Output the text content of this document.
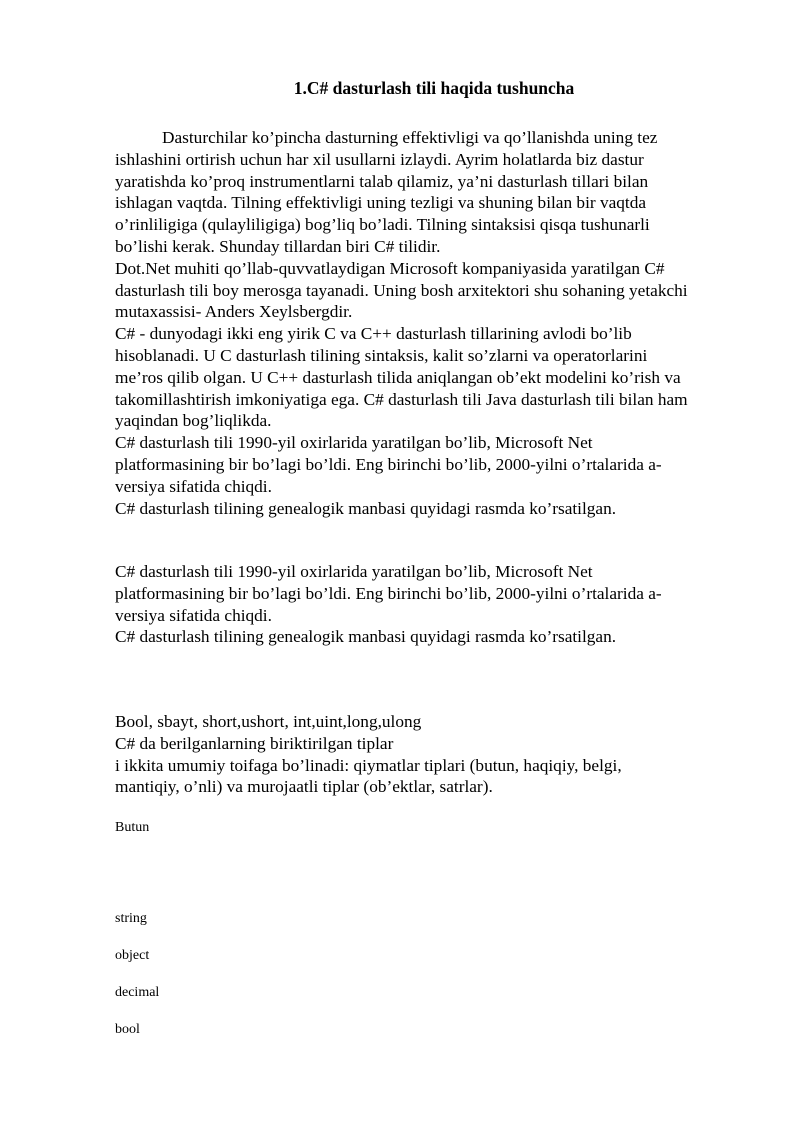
1.C# dasturlash tili haqida tushuncha
Dasturchilar ko’pincha dasturning effektivligi va qo’llanishda uning tez
ishlashini ortirish uchun har xil usullarni izlaydi. Ayrim holatlarda biz dastur
yaratishda ko’proq instrumentlarni talab qilamiz, ya’ni dasturlash tillari bilan
ishlagan vaqtda. Tilning effektivligi uning tezligi va shuning bilan bir vaqtda
o’rinliligiga (qulayliligiga) bog’liq bo’ladi. Tilning sintaksisi qisqa tushunarli
bo’lishi kerak. Shunday tillardan biri C# tilidir.
Dot.Net muhiti qo’llab-quvvatlaydigan Microsoft kompaniyasida yaratilgan C#
dasturlash tili boy merosga tayanadi. Uning bosh arxitektori shu sohaning yetakchi
mutaxassisi- Anders Xeylsbergdir.
C# - dunyodagi ikki eng yirik C va C++ dasturlash tillarining avlodi bo’lib
hisoblanadi. U C dasturlash tilining sintaksis, kalit so’zlarni va operatorlarini
me’ros qilib olgan. U C++ dasturlash tilida aniqlangan ob’ekt modelini ko’rish va
takomillashtirish imkoniyatiga ega. C# dasturlash tili Java dasturlash tili bilan ham
yaqindan bog’liqlikda.
C# dasturlash tili 1990-yil oxirlarida yaratilgan bo’lib, Microsoft Net
platformasining bir bo’lagi bo’ldi. Eng birinchi bo’lib, 2000-yilni o’rtalarida a-
versiya sifatida chiqdi.
C# dasturlash tilining genealogik manbasi quyidagi rasmda ko’rsatilgan.
C# dasturlash tili 1990-yil oxirlarida yaratilgan bo’lib, Microsoft Net
platformasining bir bo’lagi bo’ldi. Eng birinchi bo’lib, 2000-yilni o’rtalarida a-
versiya sifatida chiqdi.
C# dasturlash tilining genealogik manbasi quyidagi rasmda ko’rsatilgan.
Bool, sbayt, short,ushort, int,uint,long,ulong
C# da berilganlarning biriktirilgan tiplar
i ikkita umumiy toifaga bo’linadi: qiymatlar tiplari (butun, haqiqiy, belgi,
mantiqiy, o’nli) va murojaatli tiplar (ob’ektlar, satrlar).
Butun
string
object
decimal
bool
